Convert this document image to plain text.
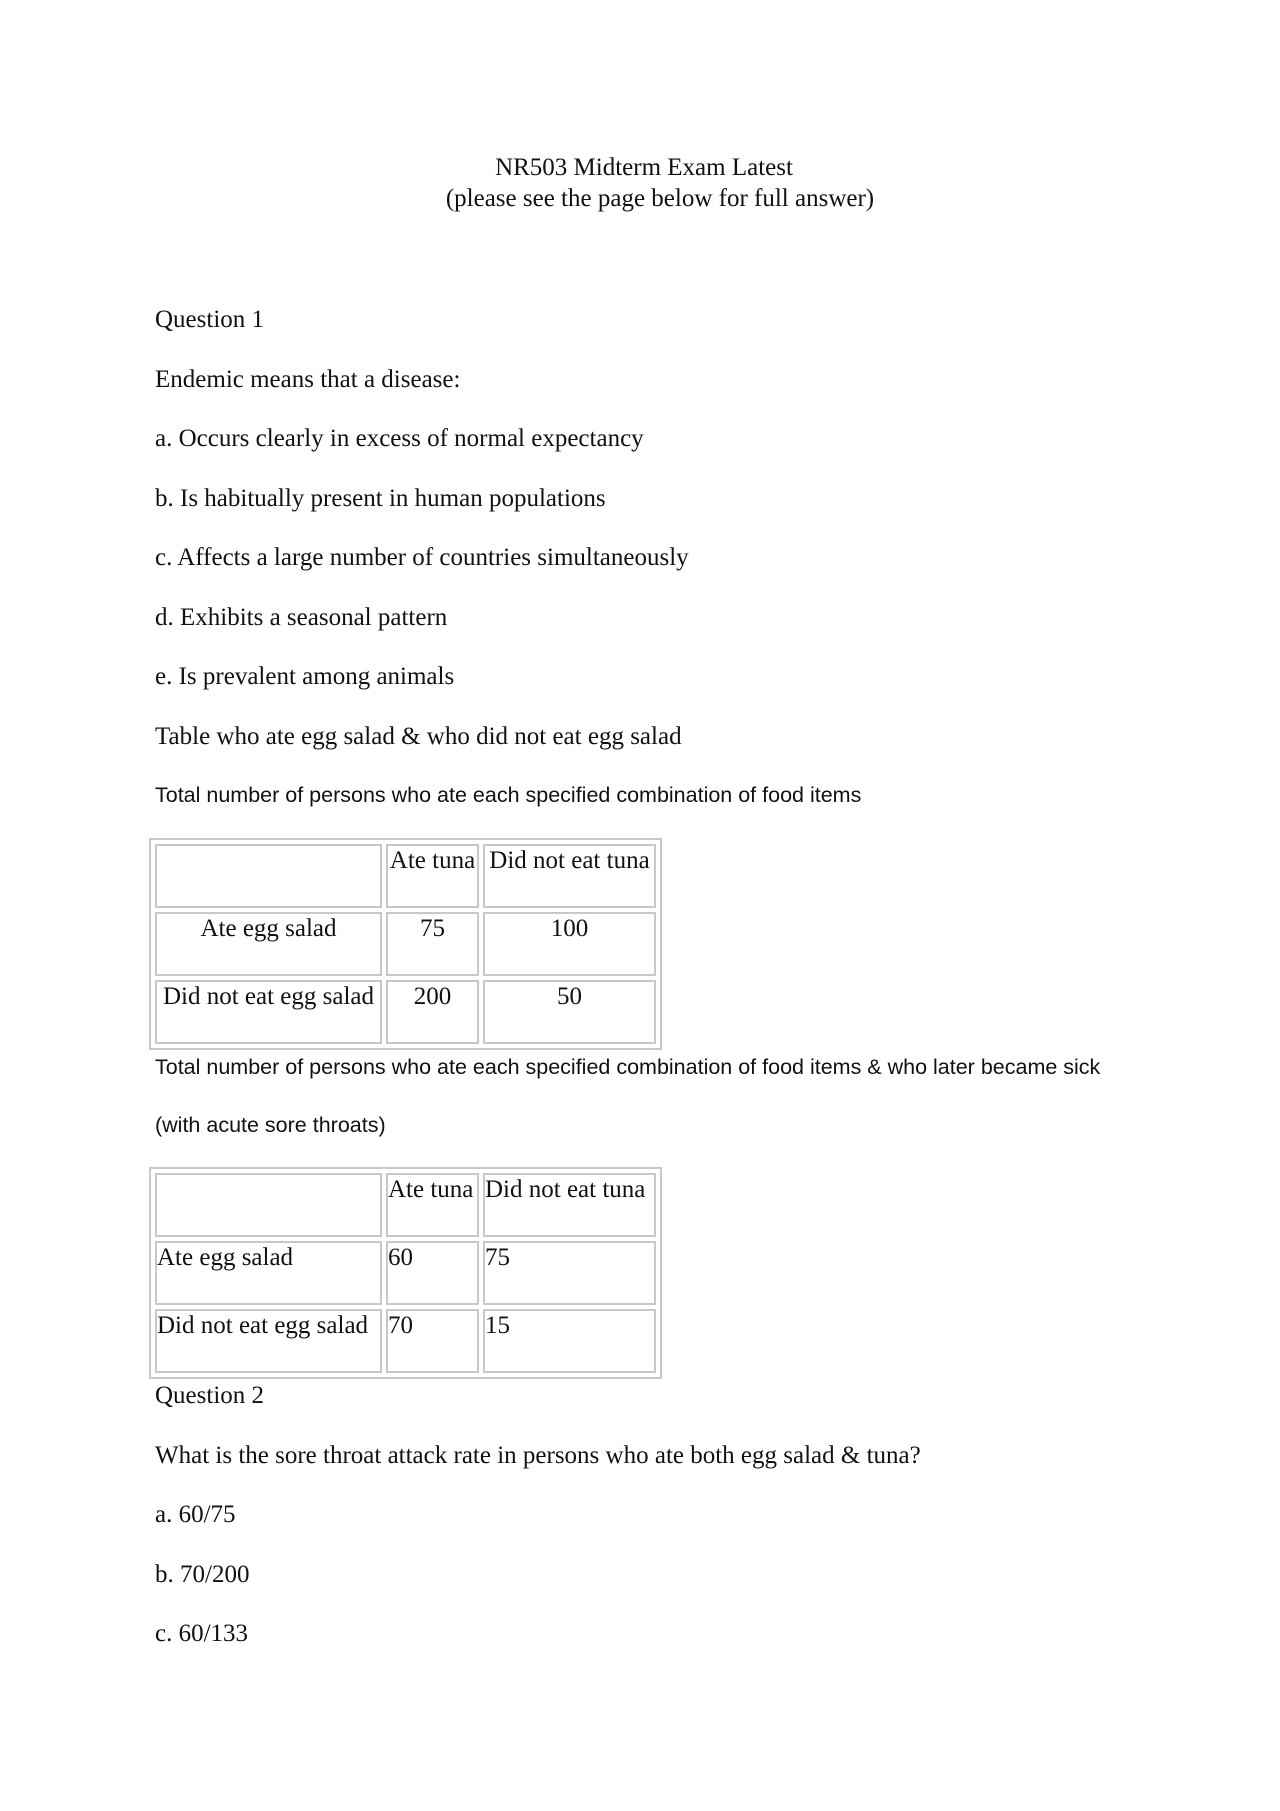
NR503 Midterm Exam Latest
(please see the page below for full answer)
Question 1
Endemic means that a disease:
a. Occurs clearly in excess of normal expectancy
b. Is habitually present in human populations
c. Affects a large number of countries simultaneously
d. Exhibits a seasonal pattern
e. Is prevalent among animals
Table who ate egg salad & who did not eat egg salad
Total number of persons who ate each specified combination of food items
	Ate tuna	Did not eat tuna
Ate egg salad	75	100
Did not eat egg salad	200	50
Total number of persons who ate each specified combination of food items & who later became sick
(with acute sore throats)
	Ate tuna	Did not eat tuna
Ate egg salad	60	75
Did not eat egg salad	70	15
Question 2
What is the sore throat attack rate in persons who ate both egg salad & tuna?
a. 60/75
b. 70/200
c. 60/133
